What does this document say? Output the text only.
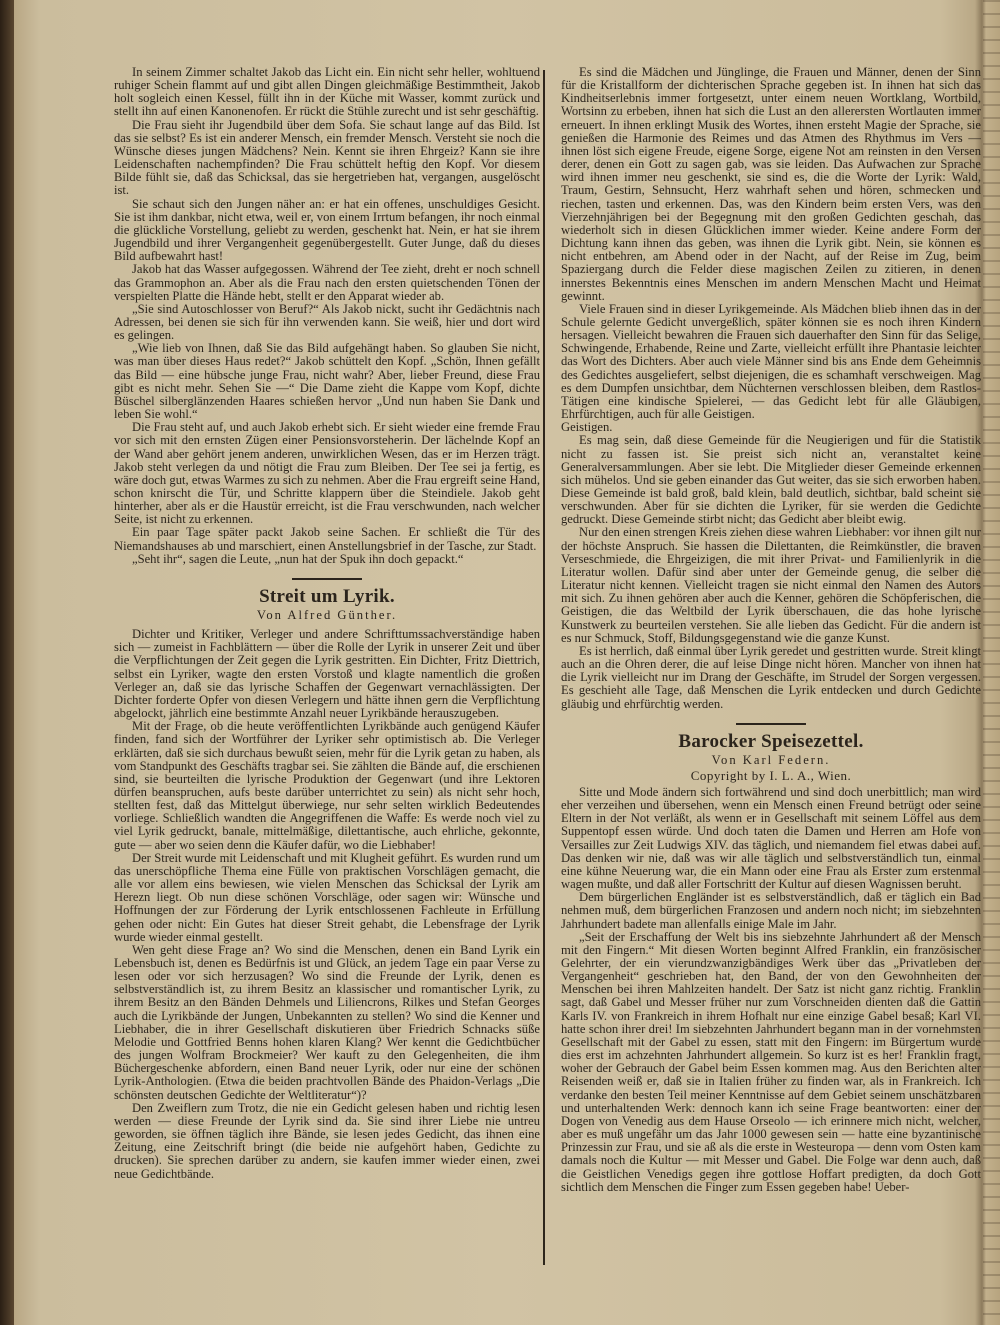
In seinem Zimmer schaltet Jakob das Licht ein. Ein nicht sehr heller, wohltuend ruhiger Schein flammt auf und gibt allen Dingen gleichmäßige Bestimmtheit, Jakob holt sogleich einen Kessel, füllt ihn in der Küche mit Wasser, kommt zurück und stellt ihn auf einen Kanonenofen. Er rückt die Stühle zurecht und ist sehr geschäftig.

Die Frau sieht ihr Jugendbild über dem Sofa. Sie schaut lange auf das Bild. Ist das sie selbst? Es ist ein anderer Mensch, ein fremder Mensch. Versteht sie noch die Wünsche dieses jungen Mädchens? Nein. Kennt sie ihren Ehrgeiz? Kann sie ihre Leidenschaften nachempfinden? Die Frau schüttelt heftig den Kopf. Vor diesem Bilde fühlt sie, daß das Schicksal, das sie hergetrieben hat, vergangen, ausgelöscht ist.

Sie schaut sich den Jungen näher an: er hat ein offenes, unschuldiges Gesicht. Sie ist ihm dankbar, nicht etwa, weil er, von einem Irrtum befangen, ihr noch einmal die glückliche Vorstellung, geliebt zu werden, geschenkt hat. Nein, er hat sie ihrem Jugendbild und ihrer Vergangenheit gegenübergestellt. Guter Junge, daß du dieses Bild aufbewahrt hast!

Jakob hat das Wasser aufgegossen. Während der Tee zieht, dreht er noch schnell das Grammophon an. Aber als die Frau nach den ersten quietschenden Tönen der verspielten Platte die Hände hebt, stellt er den Apparat wieder ab.

„Sie sind Autoschlosser von Beruf?“ Als Jakob nickt, sucht ihr Gedächtnis nach Adressen, bei denen sie sich für ihn verwenden kann. Sie weiß, hier und dort wird es gelingen.

„Wie lieb von Ihnen, daß Sie das Bild aufgehängt haben. So glauben Sie nicht, was man über dieses Haus redet?“ Jakob schüttelt den Kopf. „Schön, Ihnen gefällt das Bild — eine hübsche junge Frau, nicht wahr? Aber, lieber Freund, diese Frau gibt es nicht mehr. Sehen Sie —“ Die Dame zieht die Kappe vom Kopf, dichte Büschel silberglänzenden Haares schießen hervor „Und nun haben Sie Dank und leben Sie wohl.“

Die Frau steht auf, und auch Jakob erhebt sich. Er sieht wieder eine fremde Frau vor sich mit den ernsten Zügen einer Pensionsvorsteherin. Der lächelnde Kopf an der Wand aber gehört jenem anderen, unwirklichen Wesen, das er im Herzen trägt. Jakob steht verlegen da und nötigt die Frau zum Bleiben. Der Tee sei ja fertig, es wäre doch gut, etwas Warmes zu sich zu nehmen. Aber die Frau ergreift seine Hand, schon knirscht die Tür, und Schritte klappern über die Steindiele. Jakob geht hinterher, aber als er die Haustür erreicht, ist die Frau verschwunden, nach welcher Seite, ist nicht zu erkennen.

Ein paar Tage später packt Jakob seine Sachen. Er schließt die Tür des Niemandshauses ab und marschiert, einen Anstellungsbrief in der Tasche, zur Stadt.

„Seht ihr“, sagen die Leute, „nun hat der Spuk ihn doch gepackt.“

Streit um Lyrik.
Von Alfred Günther.

Dichter und Kritiker, Verleger und andere Schrifttumssachverständige haben sich — zumeist in Fachblättern — über die Rolle der Lyrik in unserer Zeit und über die Verpflichtungen der Zeit gegen die Lyrik gestritten. Ein Dichter, Fritz Diettrich, selbst ein Lyriker, wagte den ersten Vorstoß und klagte namentlich die großen Verleger an, daß sie das lyrische Schaffen der Gegenwart vernachlässigten. Der Dichter forderte Opfer von diesen Verlegern und hätte ihnen gern die Verpflichtung abgelockt, jährlich eine bestimmte Anzahl neuer Lyrikbände herauszugeben.

Mit der Frage, ob die heute veröffentlichten Lyrikbände auch genügend Käufer finden, fand sich der Wortführer der Lyriker sehr optimistisch ab. Die Verleger erklärten, daß sie sich durchaus bewußt seien, mehr für die Lyrik getan zu haben, als vom Standpunkt des Geschäfts tragbar sei. Sie zählten die Bände auf, die erschienen sind, sie beurteilten die lyrische Produktion der Gegenwart (und ihre Lektoren dürfen beanspruchen, aufs beste darüber unterrichtet zu sein) als nicht sehr hoch, stellten fest, daß das Mittelgut überwiege, nur sehr selten wirklich Bedeutendes vorliege. Schließlich wandten die Angegriffenen die Waffe: Es werde noch viel zu viel Lyrik gedruckt, banale, mittelmäßige, dilettantische, auch ehrliche, gekonnte, gute — aber wo seien denn die Käufer dafür, wo die Liebhaber!

Der Streit wurde mit Leidenschaft und mit Klugheit geführt. Es wurden rund um das unerschöpfliche Thema eine Fülle von praktischen Vorschlägen gemacht, die alle vor allem eins bewiesen, wie vielen Menschen das Schicksal der Lyrik am Herezn liegt. Ob nun diese schönen Vorschläge, oder sagen wir: Wünsche und Hoffnungen der zur Förderung der Lyrik entschlossenen Fachleute in Erfüllung gehen oder nicht: Ein Gutes hat dieser Streit gehabt, die Lebensfrage der Lyrik wurde wieder einmal gestellt.

Wen geht diese Frage an? Wo sind die Menschen, denen ein Band Lyrik ein Lebensbuch ist, denen es Bedürfnis ist und Glück, an jedem Tage ein paar Verse zu lesen oder vor sich herzusagen? Wo sind die Freunde der Lyrik, denen es selbstverständlich ist, zu ihrem Besitz an klassischer und romantischer Lyrik, zu ihrem Besitz an den Bänden Dehmels und Liliencrons, Rilkes und Stefan Georges auch die Lyrikbände der Jungen, Unbekannten zu stellen? Wo sind die Kenner und Liebhaber, die in ihrer Gesellschaft diskutieren über Friedrich Schnacks süße Melodie und Gottfried Benns hohen klaren Klang? Wer kennt die Gedichtbücher des jungen Wolfram Brockmeier? Wer kauft zu den Gelegenheiten, die ihm Büchergeschenke abfordern, einen Band neuer Lyrik, oder nur eine der schönen Lyrik-Anthologien. (Etwa die beiden prachtvollen Bände des Phaidon-Verlags „Die schönsten deutschen Gedichte der Weltliteratur“)?

Den Zweiflern zum Trotz, die nie ein Gedicht gelesen haben und richtig lesen werden — diese Freunde der Lyrik sind da. Sie sind ihrer Liebe nie untreu geworden, sie öffnen täglich ihre Bände, sie lesen jedes Gedicht, das ihnen eine Zeitung, eine Zeitschrift bringt (die beide nie aufgehört haben, Gedichte zu drucken). Sie sprechen darüber zu andern, sie kaufen immer wieder einen, zwei neue Gedichtbände.

Es sind die Mädchen und Jünglinge, die Frauen und Männer, denen der Sinn für die Kristallform der dichterischen Sprache gegeben ist. In ihnen hat sich das Kindheitserlebnis immer fortgesetzt, unter einem neuen Wortklang, Wortbild, Wortsinn zu erbeben, ihnen hat sich die Lust an den allerersten Wortlauten immer erneuert. In ihnen erklingt Musik des Wortes, ihnen ersteht Magie der Sprache, sie genießen die Harmonie des Reimes und das Atmen des Rhythmus im Vers — ihnen löst sich eigene Freude, eigene Sorge, eigene Not am reinsten in den Versen derer, denen ein Gott zu sagen gab, was sie leiden. Das Aufwachen zur Sprache wird ihnen immer neu geschenkt, sie sind es, die die Worte der Lyrik: Wald, Traum, Gestirn, Sehnsucht, Herz wahrhaft sehen und hören, schmecken und riechen, tasten und erkennen. Das, was den Kindern beim ersten Vers, was den Vierzehnjährigen bei der Begegnung mit den großen Gedichten geschah, das wiederholt sich in diesen Glücklichen immer wieder. Keine andere Form der Dichtung kann ihnen das geben, was ihnen die Lyrik gibt. Nein, sie können es nicht entbehren, am Abend oder in der Nacht, auf der Reise im Zug, beim Spaziergang durch die Felder diese magischen Zeilen zu zitieren, in denen innerstes Bekenntnis eines Menschen im andern Menschen Macht und Heimat gewinnt.

Viele Frauen sind in dieser Lyrikgemeinde. Als Mädchen blieb ihnen das in der Schule gelernte Gedicht unvergeßlich, später können sie es noch ihren Kindern hersagen. Vielleicht bewahren die Frauen sich dauerhafter den Sinn für das Selige, Schwingende, Erhabende, Reine und Zarte, vielleicht erfüllt ihre Phantasie leichter das Wort des Dichters. Aber auch viele Männer sind bis ans Ende dem Geheimnis des Gedichtes ausgeliefert, selbst diejenigen, die es schamhaft verschweigen. Mag es dem Dumpfen unsichtbar, dem Nüchternen verschlossen bleiben, dem Rastlos-Tätigen eine kindische Spielerei, — das Gedicht lebt für alle Gläubigen, Ehrfürchtigen, auch für alle Geistigen.

Geistigen.

Es mag sein, daß diese Gemeinde für die Neugierigen und für die Statistik nicht zu fassen ist. Sie preist sich nicht an, veranstaltet keine Generalversammlungen. Aber sie lebt. Die Mitglieder dieser Gemeinde erkennen sich mühelos. Und sie geben einander das Gut weiter, das sie sich erworben haben. Diese Gemeinde ist bald groß, bald klein, bald deutlich, sichtbar, bald scheint sie verschwunden. Aber für sie dichten die Lyriker, für sie werden die Gedichte gedruckt. Diese Gemeinde stirbt nicht; das Gedicht aber bleibt ewig.

Nur den einen strengen Kreis ziehen diese wahren Liebhaber: vor ihnen gilt nur der höchste Anspruch. Sie hassen die Dilettanten, die Reimkünstler, die braven Verseschmiede, die Ehrgeizigen, die mit ihrer Privat- und Familienlyrik in die Literatur wollen. Dafür sind aber unter der Gemeinde genug, die selber die Literatur nicht kennen. Vielleicht tragen sie nicht einmal den Namen des Autors mit sich. Zu ihnen gehören aber auch die Kenner, gehören die Schöpferischen, die Geistigen, die das Weltbild der Lyrik überschauen, die das hohe lyrische Kunstwerk zu beurteilen verstehen. Sie alle lieben das Gedicht. Für die andern ist es nur Schmuck, Stoff, Bildungsgegenstand wie die ganze Kunst.

Es ist herrlich, daß einmal über Lyrik geredet und gestritten wurde. Streit klingt auch an die Ohren derer, die auf leise Dinge nicht hören. Mancher von ihnen hat die Lyrik vielleicht nur im Drang der Geschäfte, im Strudel der Sorgen vergessen. Es geschieht alle Tage, daß Menschen die Lyrik entdecken und durch Gedichte gläubig und ehrfürchtig werden.

Barocker Speisezettel.
Von Karl Federn.
Copyright by I. L. A., Wien.

Sitte und Mode ändern sich fortwährend und sind doch unerbittlich; man wird eher verzeihen und übersehen, wenn ein Mensch einen Freund betrügt oder seine Eltern in der Not verläßt, als wenn er in Gesellschaft mit seinem Löffel aus dem Suppentopf essen würde. Und doch taten die Damen und Herren am Hofe von Versailles zur Zeit Ludwigs XIV. das täglich, und niemandem fiel etwas dabei auf. Das denken wir nie, daß was wir alle täglich und selbstverständlich tun, einmal eine kühne Neuerung war, die ein Mann oder eine Frau als Erster zum erstenmal wagen mußte, und daß aller Fortschritt der Kultur auf diesen Wagnissen beruht.

Dem bürgerlichen Engländer ist es selbstverständlich, daß er täglich ein Bad nehmen muß, dem bürgerlichen Franzosen und andern noch nicht; im siebzehnten Jahrhundert badete man allenfalls einige Male im Jahr.

„Seit der Erschaffung der Welt bis ins siebzehnte Jahrhundert aß der Mensch mit den Fingern.“ Mit diesen Worten beginnt Alfred Franklin, ein französischer Gelehrter, der ein vierundzwanzigbändiges Werk über das „Privatleben der Vergangenheit“ geschrieben hat, den Band, der von den Gewohnheiten der Menschen bei ihren Mahlzeiten handelt. Der Satz ist nicht ganz richtig. Franklin sagt, daß Gabel und Messer früher nur zum Vorschneiden dienten daß die Gattin Karls IV. von Frankreich in ihrem Hofhalt nur eine einzige Gabel besaß; Karl VI. hatte schon ihrer drei! Im siebzehnten Jahrhundert begann man in der vornehmsten Gesellschaft mit der Gabel zu essen, statt mit den Fingern: im Bürgertum wurde dies erst im achzehnten Jahrhundert allgemein. So kurz ist es her! Franklin fragt, woher der Gebrauch der Gabel beim Essen kommen mag. Aus den Berichten alter Reisenden weiß er, daß sie in Italien früher zu finden war, als in Frankreich. Ich verdanke den besten Teil meiner Kenntnisse auf dem Gebiet seinem unschätzbaren und unterhaltenden Werk: dennoch kann ich seine Frage beantworten: einer der Dogen von Venedig aus dem Hause Orseolo — ich erinnere mich nicht, welcher, aber es muß ungefähr um das Jahr 1000 gewesen sein — hatte eine byzantinische Prinzessin zur Frau, und sie aß als die erste in Westeuropa — denn vom Osten kam damals noch die Kultur — mit Messer und Gabel. Die Folge war denn auch, daß die Geistlichen Venedigs gegen ihre gottlose Hoffart predigten, da doch Gott sichtlich dem Menschen die Finger zum Essen gegeben habe! Ueber-
